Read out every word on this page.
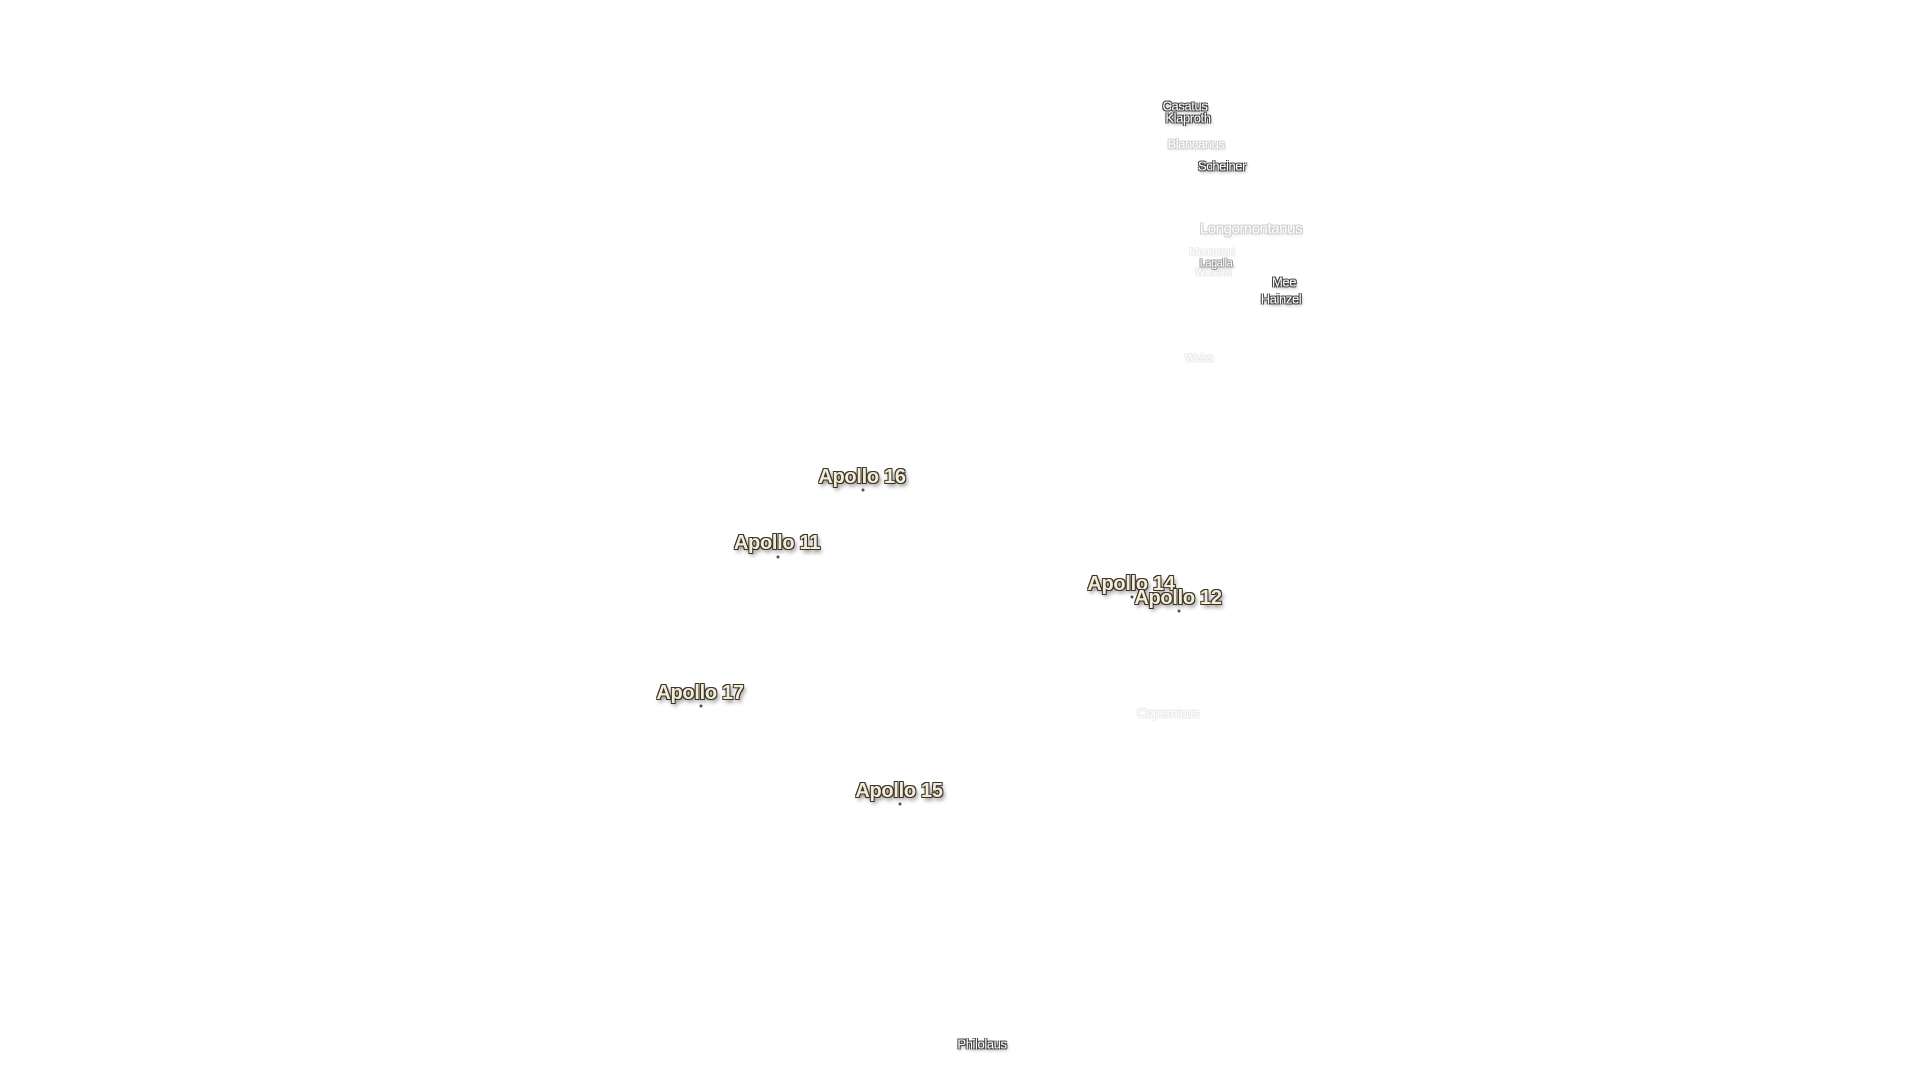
Casatus
Klaproth
Blancanus
Scheiner
Longomontanus
Montanari
Lagalla
Wilhelm
Mee
Hainzel
Weiss
Copernicus
Philolaus
Apollo 16
Apollo 11
Apollo 14
Apollo 12
Apollo 17
Apollo 15
